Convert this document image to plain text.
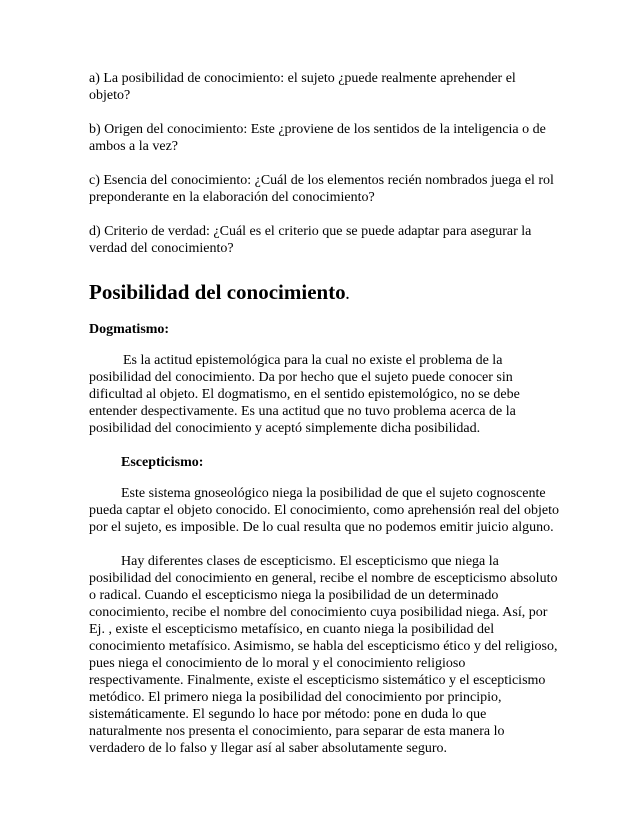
a) La posibilidad de conocimiento: el sujeto ¿puede realmente aprehender el objeto?

b) Origen del conocimiento: Este ¿proviene de los sentidos de la inteligencia o de ambos a la vez?

c) Esencia del conocimiento: ¿Cuál de los elementos recién nombrados juega el rol preponderante en la elaboración del conocimiento?

d) Criterio de verdad: ¿Cuál es el criterio que se puede adaptar para asegurar la verdad del conocimiento?

Posibilidad del conocimiento.
Dogmatismo:

Es la actitud epistemológica para la cual no existe el problema de la posibilidad del conocimiento. Da por hecho que el sujeto puede conocer sin dificultad al objeto. El dogmatismo, en el sentido epistemológico, no se debe entender despectivamente. Es una actitud que no tuvo problema acerca de la posibilidad del conocimiento y aceptó simplemente dicha posibilidad.

Escepticismo:

Este sistema gnoseológico niega la posibilidad de que el sujeto cognoscente pueda captar el objeto conocido. El conocimiento, como aprehensión real del objeto por el sujeto, es imposible. De lo cual resulta que no podemos emitir juicio alguno.

Hay diferentes clases de escepticismo. El escepticismo que niega la posibilidad del conocimiento en general, recibe el nombre de escepticismo absoluto o radical. Cuando el escepticismo niega la posibilidad de un determinado conocimiento, recibe el nombre del conocimiento cuya posibilidad niega. Así, por Ej. , existe el escepticismo metafísico, en cuanto niega la posibilidad del conocimiento metafísico. Asimismo, se habla del escepticismo ético y del religioso, pues niega el conocimiento de lo moral y el conocimiento religioso respectivamente. Finalmente, existe el escepticismo sistemático y el escepticismo metódico. El primero niega la posibilidad del conocimiento por principio, sistemáticamente. El segundo lo hace por método: pone en duda lo que naturalmente nos presenta el conocimiento, para separar de esta manera lo verdadero de lo falso y llegar así al saber absolutamente seguro.
